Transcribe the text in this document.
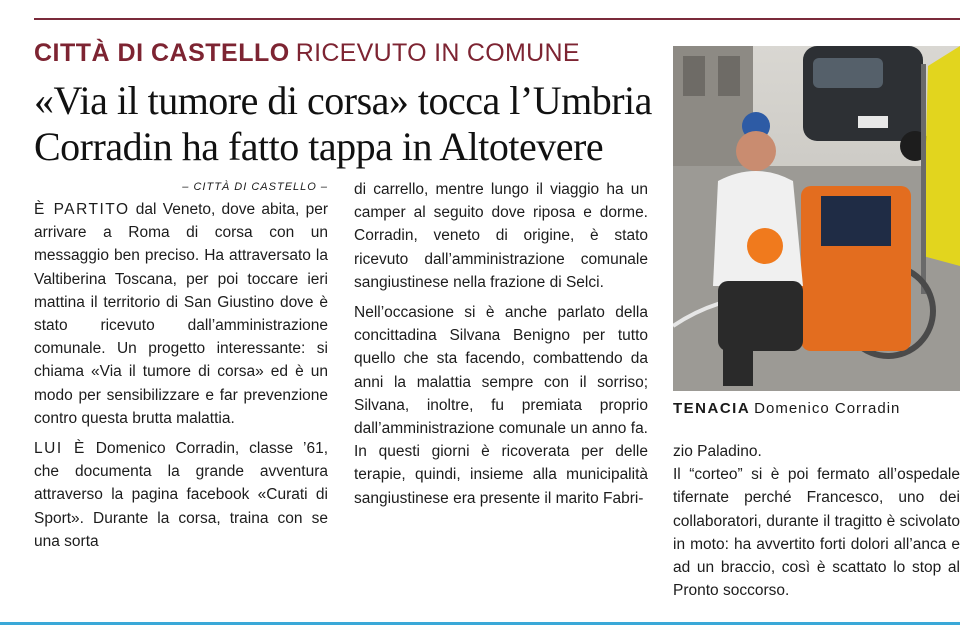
CITTÀ DI CASTELLO RICEVUTO IN COMUNE
«Via il tumore di corsa» tocca l’Umbria
Corradin ha fatto tappa in Altotevere
– CITTÀ DI CASTELLO –

È PARTITO dal Veneto, dove abita, per arrivare a Roma di corsa con un messaggio ben preciso. Ha attraversato la Valtiberina Toscana, per poi toccare ieri mattina il territorio di San Giustino dove è stato ricevuto dall’amministrazione comunale. Un progetto interessante: si chiama «Via il tumore di corsa» ed è un modo per sensibilizzare e far prevenzione contro questa brutta malattia.

LUI È Domenico Corradin, classe ’61, che documenta la grande avventura attraverso la pagina facebook «Curati di Sport». Durante la corsa, traina con se una sorta

di carrello, mentre lungo il viaggio ha un camper al seguito dove riposa e dorme. Corradin, veneto di origine, è stato ricevuto dall’amministrazione comunale sangiustinese nella frazione di Selci.

Nell’occasione si è anche parlato della concittadina Silvana Benigno per tutto quello che sta facendo, combattendo da anni la malattia sempre con il sorriso; Silvana, inoltre, fu premiata proprio dall’amministrazione comunale un anno fa. In questi giorni è ricoverata per delle terapie, quindi, insieme alla municipalità sangiustinese era presente il marito Fabri-

TENACIA Domenico Corradin

zio Paladino.

Il “corteo” si è poi fermato all’ospedale tifernate perché Francesco, uno dei collaboratori, durante il tragitto è scivolato in moto: ha avvertito forti dolori all’anca e ad un braccio, così è scattato lo stop al Pronto soccorso.
